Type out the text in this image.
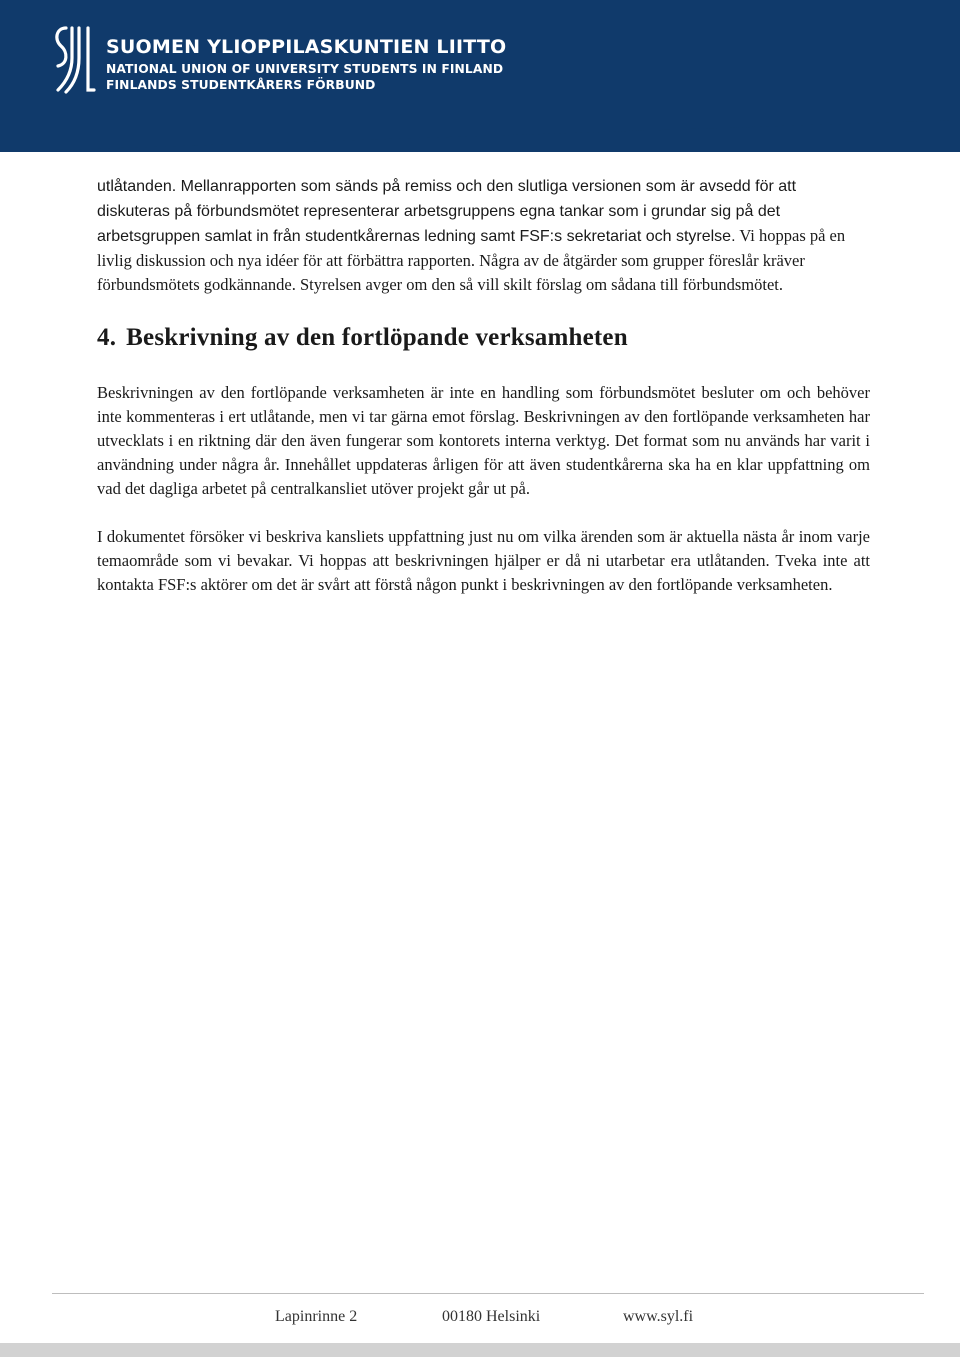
SUOMEN YLIOPPILASKUNTIEN LIITTO
NATIONAL UNION OF UNIVERSITY STUDENTS IN FINLAND
FINLANDS STUDENTKÅRERS FÖRBUND

utlåtanden. Mellanrapporten som sänds på remiss och den slutliga versionen som är avsedd för att diskuteras på förbundsmötet representerar arbetsgruppens egna tankar som i grundar sig på det arbetsgruppen samlat in från studentkårernas ledning samt FSF:s sekretariat och styrelse. Vi hoppas på en livlig diskussion och nya idéer för att förbättra rapporten. Några av de åtgärder som grupper föreslår kräver förbundsmötets godkännande. Styrelsen avger om den så vill skilt förslag om sådana till förbundsmötet.

4. Beskrivning av den fortlöpande verksamheten

Beskrivningen av den fortlöpande verksamheten är inte en handling som förbundsmötet besluter om och behöver inte kommenteras i ert utlåtande, men vi tar gärna emot förslag. Beskrivningen av den fortlöpande verksamheten har utvecklats i en riktning där den även fungerar som kontorets interna verktyg. Det format som nu används har varit i användning under några år. Innehållet uppdateras årligen för att även studentkårerna ska ha en klar uppfattning om vad det dagliga arbetet på centralkansliet utöver projekt går ut på.

I dokumentet försöker vi beskriva kansliets uppfattning just nu om vilka ärenden som är aktuella nästa år inom varje temaområde som vi bevakar. Vi hoppas att beskrivningen hjälper er då ni utarbetar era utlåtanden. Tveka inte att kontakta FSF:s aktörer om det är svårt att förstå någon punkt i beskrivningen av den fortlöpande verksamheten.

Lapinrinne 2	00180 Helsinki	www.syl.fi
